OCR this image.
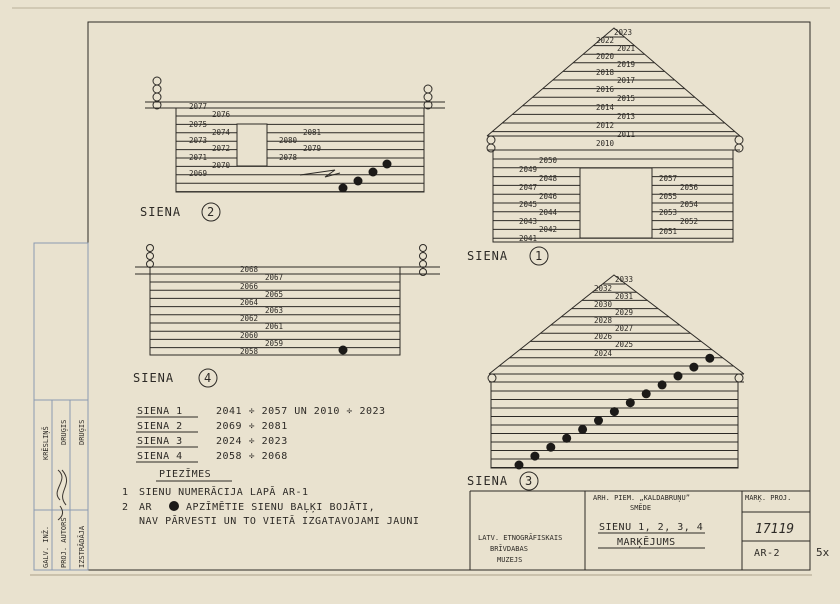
2077
2076
2075
2074
2073
2072
2071
2070
2069
2080
2081
2079
2078
SIENA 2
2068
2067
2066
2065
2064
2063
2062
2061
2060
2059
2058
SIENA 4
2023
2022
2021
2020
2019
2018
2017
2016
2015
2014
2013
2012
2011
2010
2050
2049
2048
2047
2046
2045
2044
2043
2042
2041
2057
2056
2055
2054
2053
2052
2051
SIENA 1
2033
2032
2031
2030
2029
2028
2027
2026
2025
2024
SIENA 3
SIENA 1	2041 ÷ 2057 UN 2010 ÷ 2023
SIENA 2	2069 ÷ 2081
SIENA 3	2024 ÷ 2023
SIENA 4	2058 ÷ 2068
PIEZĪMES
1 SIENU NUMERĀCIJA LAPĀ AR-1
2 AR	APZĪMĒTIE SIENU BAĻĶI BOJĀTI,
NAV PĀRVESTI UN TO VIETĀ IZGATAVOJAMI JAUNI
LATV. ETNOGRĀFISKAIS
BRĪVDABAS
MUZEJS
ARH. PIEM. „KALDABRUŅU”
SMĒDE
SIENU 1, 2, 3, 4
MARĶĒJUMS
MARĶ. PROJ.
17119
AR-2	5x
GALV. INŽ. PROJ. AUTORS IZSTRĀDĀJA
KRĒSLIŅŠ DRUĢIS DRUĢIS
